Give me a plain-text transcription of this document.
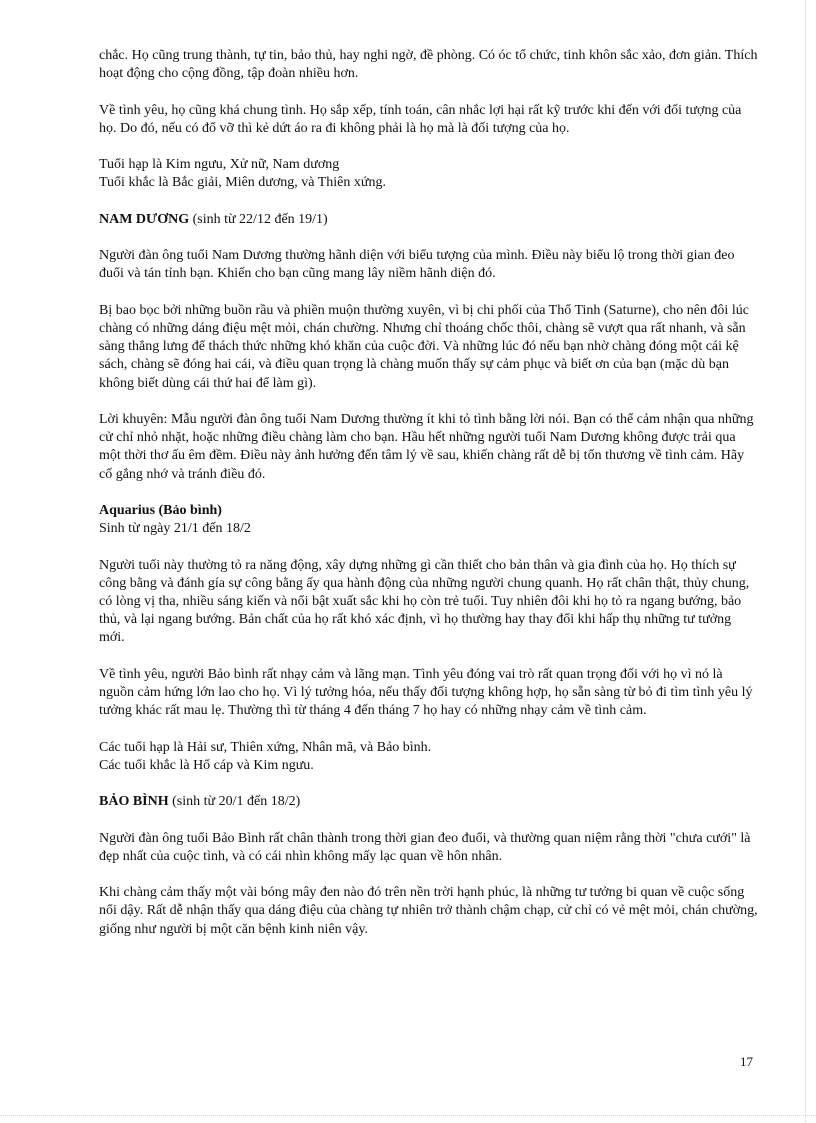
chắc. Họ cũng trung thành, tự tin, bảo thủ, hay nghi ngờ, đề phòng. Có óc tổ chức, tinh khôn sắc xảo, đơn giản. Thích hoạt động cho cộng đồng, tập đoàn nhiều hơn.

Về tình yêu, họ cũng khá chung tình. Họ sắp xếp, tính toán, cân nhắc lợi hại rất kỹ trước khi đến với đối tượng của họ. Do đó, nếu có đổ vỡ thì kẻ dứt áo ra đi không phải là họ mà là đối tượng của họ.

Tuổi hạp là Kim ngưu, Xử nữ, Nam dương
Tuổi khắc là Bắc giải, Miên dương, và Thiên xứng.

NAM DƯƠNG (sinh từ 22/12 đến 19/1)

Người đàn ông tuổi Nam Dương thường hãnh diện với biểu tượng của mình. Điều này biểu lộ trong thời gian đeo đuổi và tán tỉnh bạn. Khiến cho bạn cũng mang lây niềm hãnh diện đó.

Bị bao bọc bởi những buồn rầu và phiền muộn thường xuyên, vì bị chi phối của Thổ Tinh (Saturne), cho nên đôi lúc chàng có những dáng điệu mệt mỏi, chán chường. Nhưng chỉ thoáng chốc thôi, chàng sẽ vượt qua rất nhanh, và sẵn sàng thẳng lưng để thách thức những khó khăn của cuộc đời. Và những lúc đó nếu bạn nhờ chàng đóng một cái kệ sách, chàng sẽ đóng hai cái, và điều quan trọng là chàng muốn thấy sự cảm phục và biết ơn của bạn (mặc dù bạn không biết dùng cái thứ hai để làm gì).

Lời khuyên: Mẫu người đàn ông tuổi Nam Dương thường ít khi tỏ tình bằng lời nói. Bạn có thể cảm nhận qua những cử chỉ nhỏ nhặt, hoặc những điều chàng làm cho bạn. Hầu hết những người tuổi Nam Dương không được trải qua một thời thơ ấu êm đềm. Điều này ảnh hưởng đến tâm lý về sau, khiến chàng rất dễ bị tổn thương về tình cảm. Hãy cố gắng nhớ và tránh điều đó.

Aquarius (Bảo bình)
Sinh từ ngày 21/1 đến 18/2

Người tuổi này thường tỏ ra năng động, xây dựng những gì cần thiết cho bản thân và gia đình của họ. Họ thích sự công bằng và đánh gía sự công bằng ấy qua hành động của những người chung quanh. Họ rất chân thật, thủy chung, có lòng vị tha, nhiều sáng kiến và nổi bật xuất sắc khi họ còn trẻ tuổi. Tuy nhiên đôi khi họ tỏ ra ngang bướng, bảo thủ, và lại ngang bướng. Bản chất của họ rất khó xác định, vì họ thường hay thay đổi khi hấp thụ những tư tưởng mới.

Về tình yêu, người Bảo bình rất nhạy cảm và lãng mạn. Tình yêu đóng vai trò rất quan trọng đối với họ vì nó là nguồn cảm hứng lớn lao cho họ. Vì lý tưởng hóa, nếu thấy đối tượng không hợp, họ sẵn sàng từ bỏ đi tìm tình yêu lý tưởng khác rất mau lẹ. Thường thì từ tháng 4 đến tháng 7 họ hay có những nhạy cảm về tình cảm.

Các tuổi hạp là Hải sư, Thiên xứng, Nhân mã, và Bảo bình.
Các tuổi khắc là Hổ cáp và Kim ngưu.

BẢO BÌNH (sinh từ 20/1 đến 18/2)

Người đàn ông tuổi Bảo Bình rất chân thành trong thời gian đeo đuổi, và thường quan niệm rằng thời "chưa cưới" là đẹp nhất của cuộc tình, và có cái nhìn không mấy lạc quan về hôn nhân.

Khi chàng cảm thấy một vài bóng mây đen nào đó trên nền trời hạnh phúc, là những tư tưởng bi quan về cuộc sống nổi dậy. Rất dễ nhận thấy qua dáng điệu của chàng tự nhiên trở thành chậm chạp, cử chỉ có vẻ mệt mỏi, chán chường, giống như người bị một căn bệnh kinh niên vậy.

17
